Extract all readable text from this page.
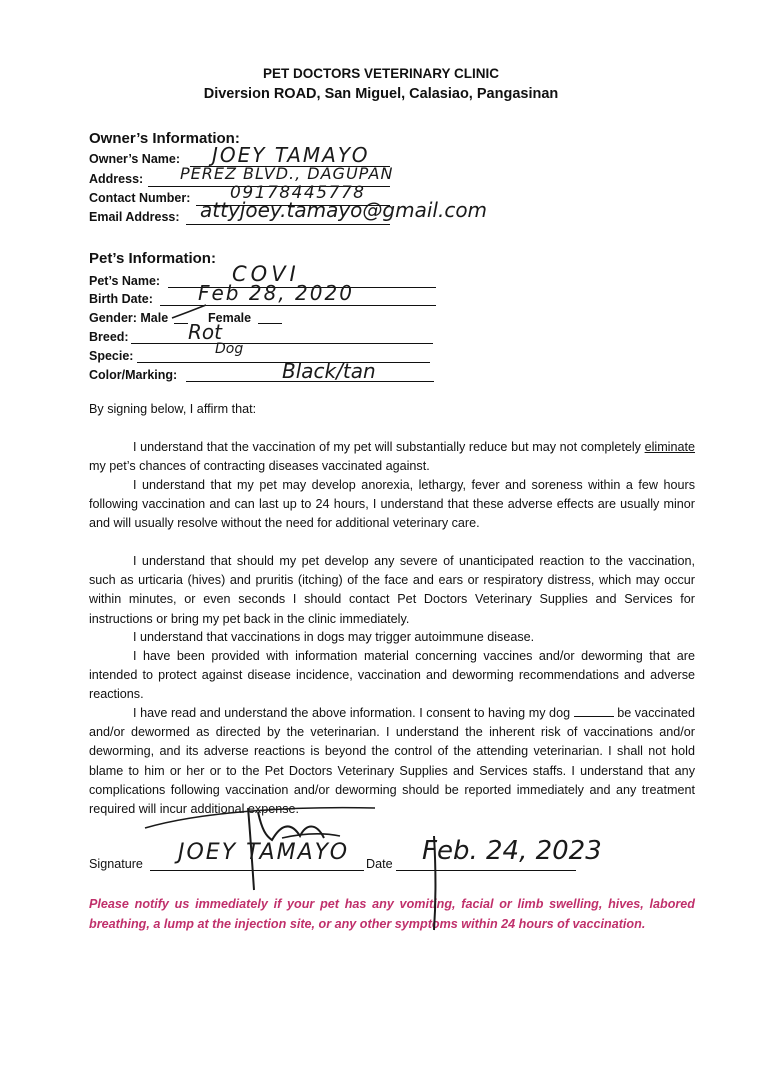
PET DOCTORS VETERINARY CLINIC
Diversion ROAD, San Miguel, Calasiao, Pangasinan
Owner’s Information:
Owner’s Name: JOEY TAMAYO
Address: PEREZ BLVD., DAGUPAN
Contact Number: 09178445778
Email Address: attyjoey.tamayo@gmail.com
Pet’s Information:
Pet’s Name:	COVI
Birth Date: Feb 28, 2020
Gender: Male	Female
Breed:	Rot
Specie:	Dog
Color/Marking:	Black/tan
By signing below, I affirm that:

I understand that the vaccination of my pet will substantially reduce but may not completely eliminate my pet’s chances of contracting diseases vaccinated against.

I understand that my pet may develop anorexia, lethargy, fever and soreness within a few hours following vaccination and can last up to 24 hours, I understand that these adverse effects are usually minor and will usually resolve without the need for additional veterinary care.

I understand that should my pet develop any severe of unanticipated reaction to the vaccination, such as urticaria (hives) and pruritis (itching) of the face and ears or respiratory distress, which may occur within minutes, or even seconds I should contact Pet Doctors Veterinary Supplies and Services for instructions or bring my pet back in the clinic immediately.

I understand that vaccinations in dogs may trigger autoimmune disease.

I have been provided with information material concerning vaccines and/or deworming that are intended to protect against disease incidence, vaccination and deworming recommendations and adverse reactions.

I have read and understand the above information. I consent to having my dog	be vaccinated and/or dewormed as directed by the veterinarian. I understand the inherent risk of vaccinations and/or deworming, and its adverse reactions is beyond the control of the attending veterinarian. I shall not hold blame to him or her or to the Pet Doctors Veterinary Supplies and Services staffs. I understand that any complications following vaccination and/or deworming should be reported immediately and any treatment required will incur additional expense.

Signature JOEY TAMAYO Date Feb. 24, 2023

Please notify us immediately if your pet has any vomiting, facial or limb swelling, hives, labored breathing, a lump at the injection site, or any other symptoms within 24 hours of vaccination.
